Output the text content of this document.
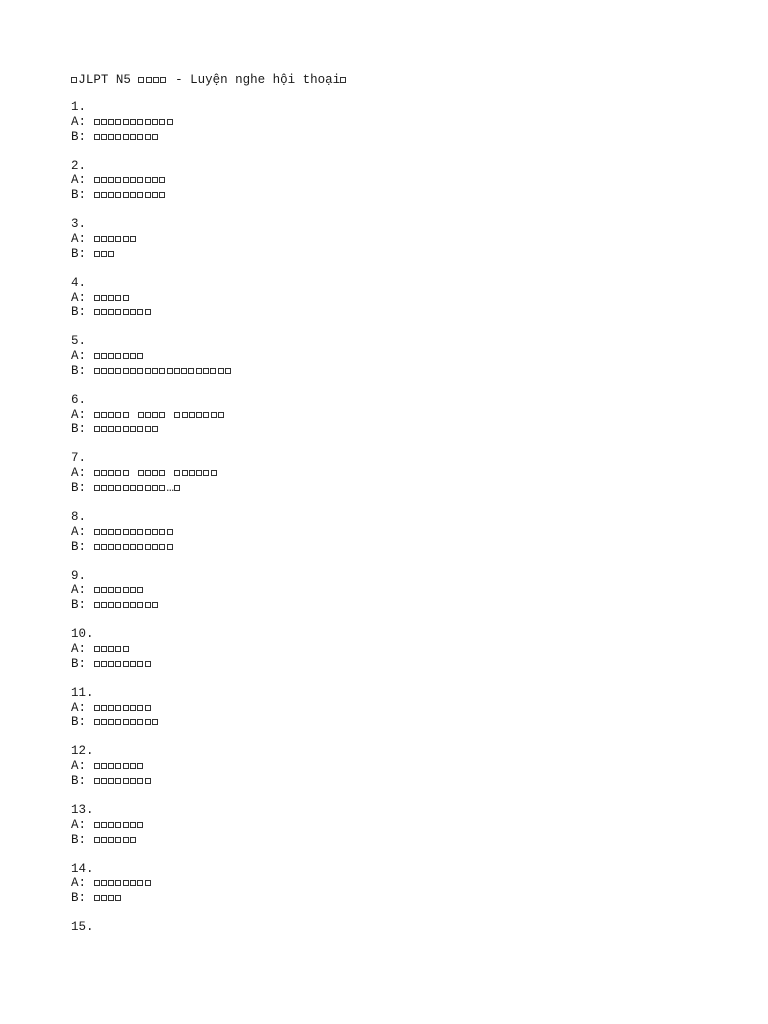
JLPT N5	- Luyện nghe hội thoại
1.
A:
B:
2.
A:
B:
3.
A:
B:
4.
A:
B:
5.
A:
B:
6.
A:
B:
7.
A:
B:	…
8.
A:
B:
9.
A:
B:
10.
A:
B:
11.
A:
B:
12.
A:
B:
13.
A:
B:
14.
A:
B:
15.
